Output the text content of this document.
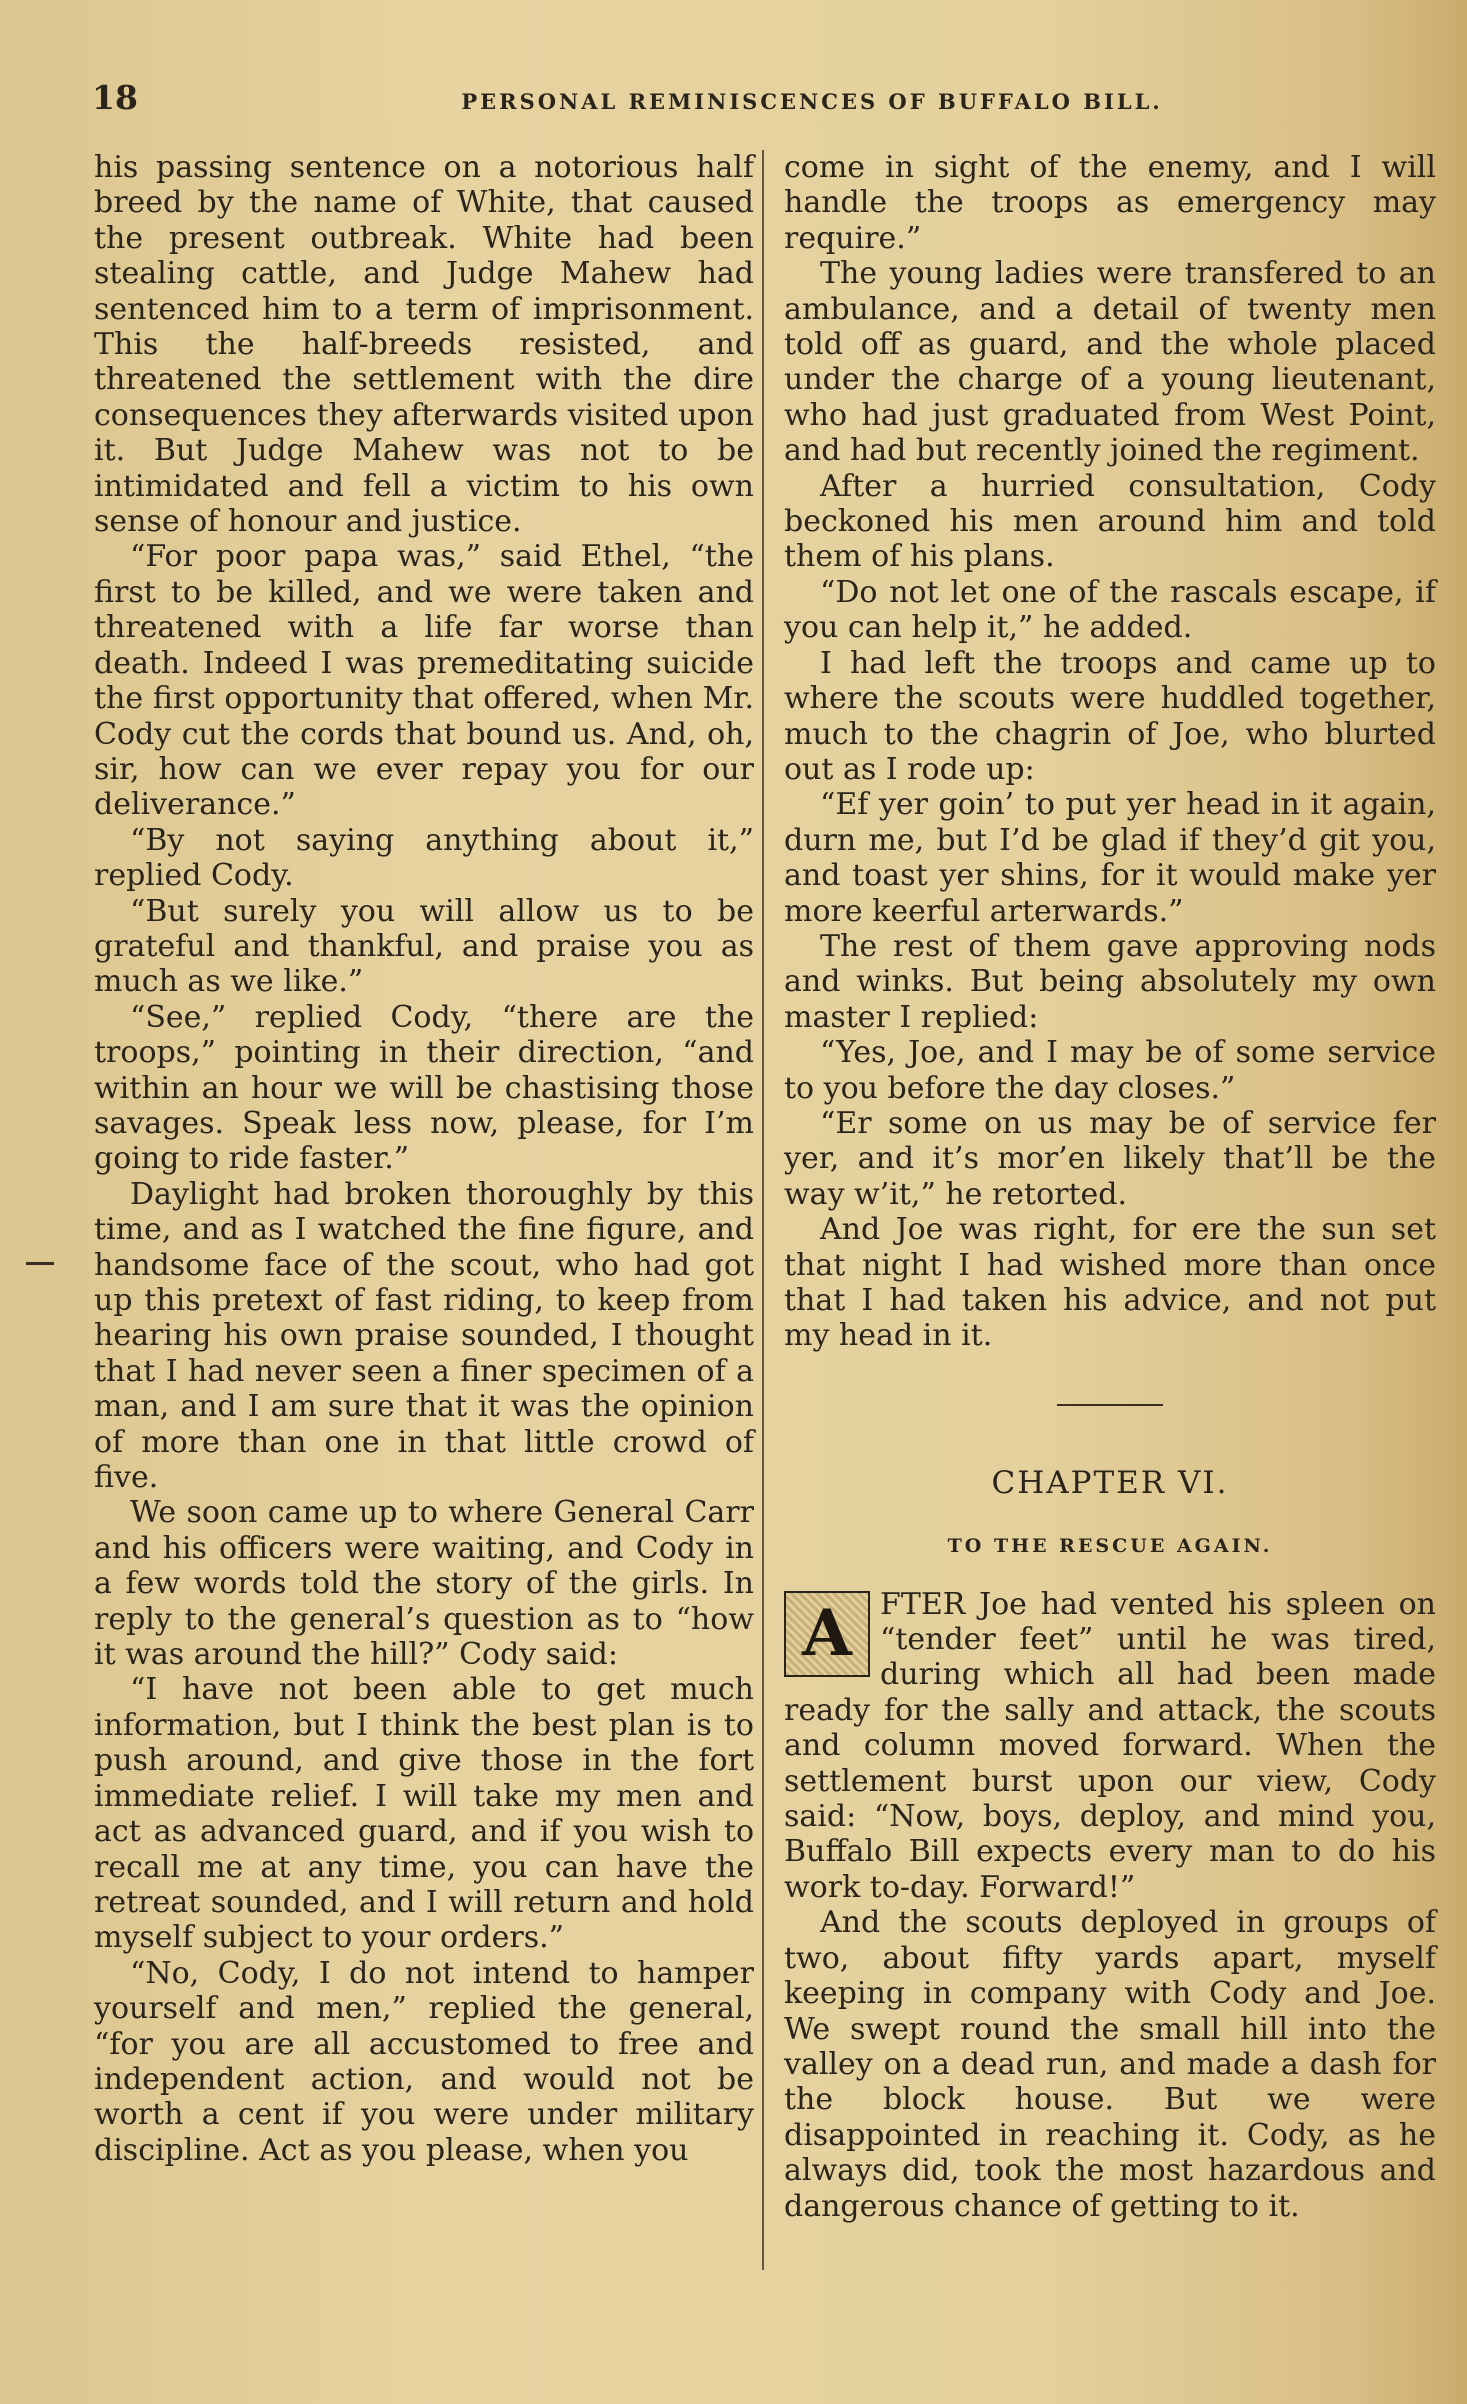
18	PERSONAL REMINISCENCES OF BUFFALO BILL.

his passing sentence on a notorious half breed by the name of White, that caused the present outbreak. White had been stealing cattle, and Judge Mahew had sentenced him to a term of imprisonment. This the half-breeds resisted, and threatened the settlement with the dire consequences they afterwards visited upon it. But Judge Mahew was not to be intimidated and fell a victim to his own sense of honour and justice.

“For poor papa was,” said Ethel, “the first to be killed, and we were taken and threatened with a life far worse than death. Indeed I was premeditating suicide the first opportunity that offered, when Mr. Cody cut the cords that bound us. And, oh, sir, how can we ever repay you for our deliverance.”

“By not saying anything about it,” replied Cody.

“But surely you will allow us to be grateful and thankful, and praise you as much as we like.”

“See,” replied Cody, “there are the troops,” pointing in their direction, “and within an hour we will be chastising those savages. Speak less now, please, for I’m going to ride faster.”

Daylight had broken thoroughly by this time, and as I watched the fine figure, and handsome face of the scout, who had got up this pretext of fast riding, to keep from hearing his own praise sounded, I thought that I had never seen a finer specimen of a man, and I am sure that it was the opinion of more than one in that little crowd of five.

We soon came up to where General Carr and his officers were waiting, and Cody in a few words told the story of the girls. In reply to the general’s question as to “how it was around the hill?” Cody said:

“I have not been able to get much information, but I think the best plan is to push around, and give those in the fort immediate relief. I will take my men and act as advanced guard, and if you wish to recall me at any time, you can have the retreat sounded, and I will return and hold myself subject to your orders.”

“No, Cody, I do not intend to hamper yourself and men,” replied the general, “for you are all accustomed to free and independent action, and would not be worth a cent if you were under military discipline. Act as you please, when you

come in sight of the enemy, and I will handle the troops as emergency may require.”

The young ladies were transfered to an ambulance, and a detail of twenty men told off as guard, and the whole placed under the charge of a young lieutenant, who had just graduated from West Point, and had but recently joined the regiment.

After a hurried consultation, Cody beckoned his men around him and told them of his plans.

“Do not let one of the rascals escape, if you can help it,” he added.

I had left the troops and came up to where the scouts were huddled together, much to the chagrin of Joe, who blurted out as I rode up:

“Ef yer goin’ to put yer head in it again, durn me, but I’d be glad if they’d git you, and toast yer shins, for it would make yer more keerful arterwards.”

The rest of them gave approving nods and winks. But being absolutely my own master I replied:

“Yes, Joe, and I may be of some service to you before the day closes.”

“Er some on us may be of service fer yer, and it’s mor’en likely that’ll be the way w’it,” he retorted.

And Joe was right, for ere the sun set that night I had wished more than once that I had taken his advice, and not put my head in it.

CHAPTER VI.
TO THE RESCUE AGAIN.

A FTER Joe had vented his spleen on “tender feet” until he was tired, during which all had been made ready for the sally and attack, the scouts and column moved forward. When the settlement burst upon our view, Cody said: “Now, boys, deploy, and mind you, Buffalo Bill expects every man to do his work to-day. Forward!”

And the scouts deployed in groups of two, about fifty yards apart, myself keeping in company with Cody and Joe. We swept round the small hill into the valley on a dead run, and made a dash for the block house. But we were disappointed in reaching it. Cody, as he always did, took the most hazardous and dangerous chance of getting to it.
